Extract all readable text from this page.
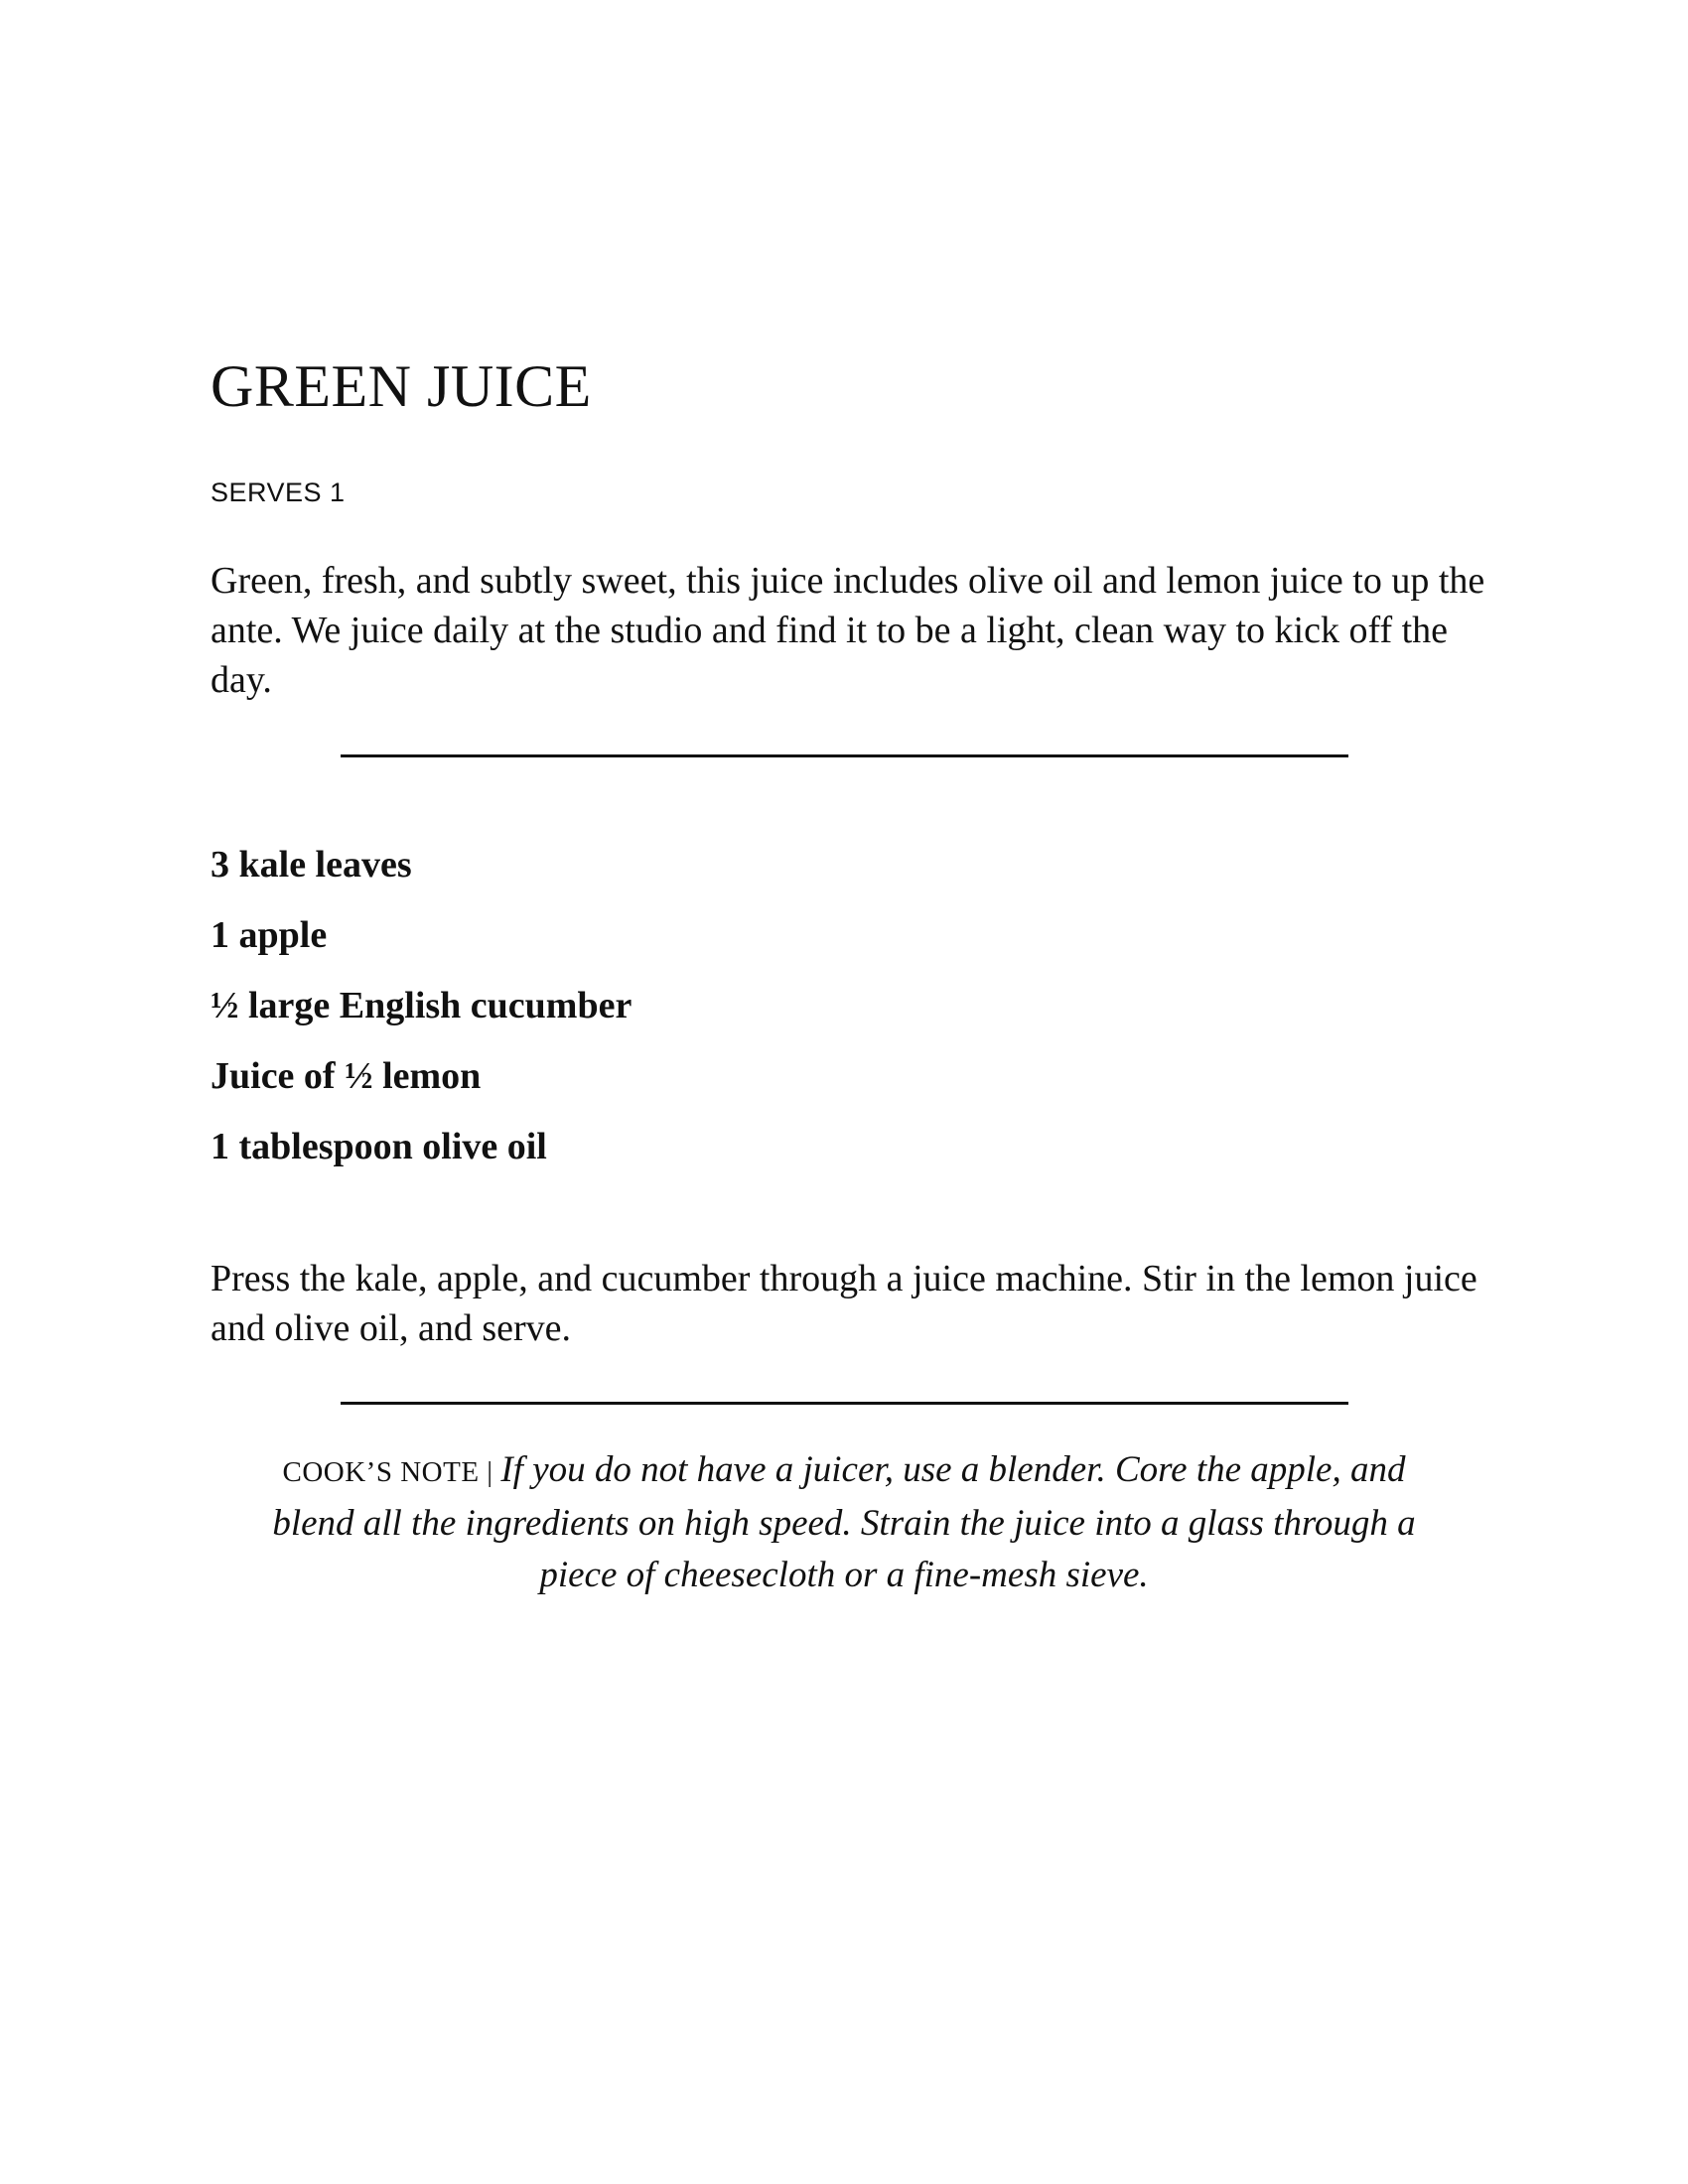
GREEN JUICE

SERVES 1

Green, fresh, and subtly sweet, this juice includes olive oil and lemon juice to up the ante. We juice daily at the studio and find it to be a light, clean way to kick off the day.

3 kale leaves
1 apple
½ large English cucumber
Juice of ½ lemon
1 tablespoon olive oil

Press the kale, apple, and cucumber through a juice machine. Stir in the lemon juice and olive oil, and serve.

COOK’S NOTE | If you do not have a juicer, use a blender. Core the apple, and blend all the ingredients on high speed. Strain the juice into a glass through a piece of cheesecloth or a fine-mesh sieve.
